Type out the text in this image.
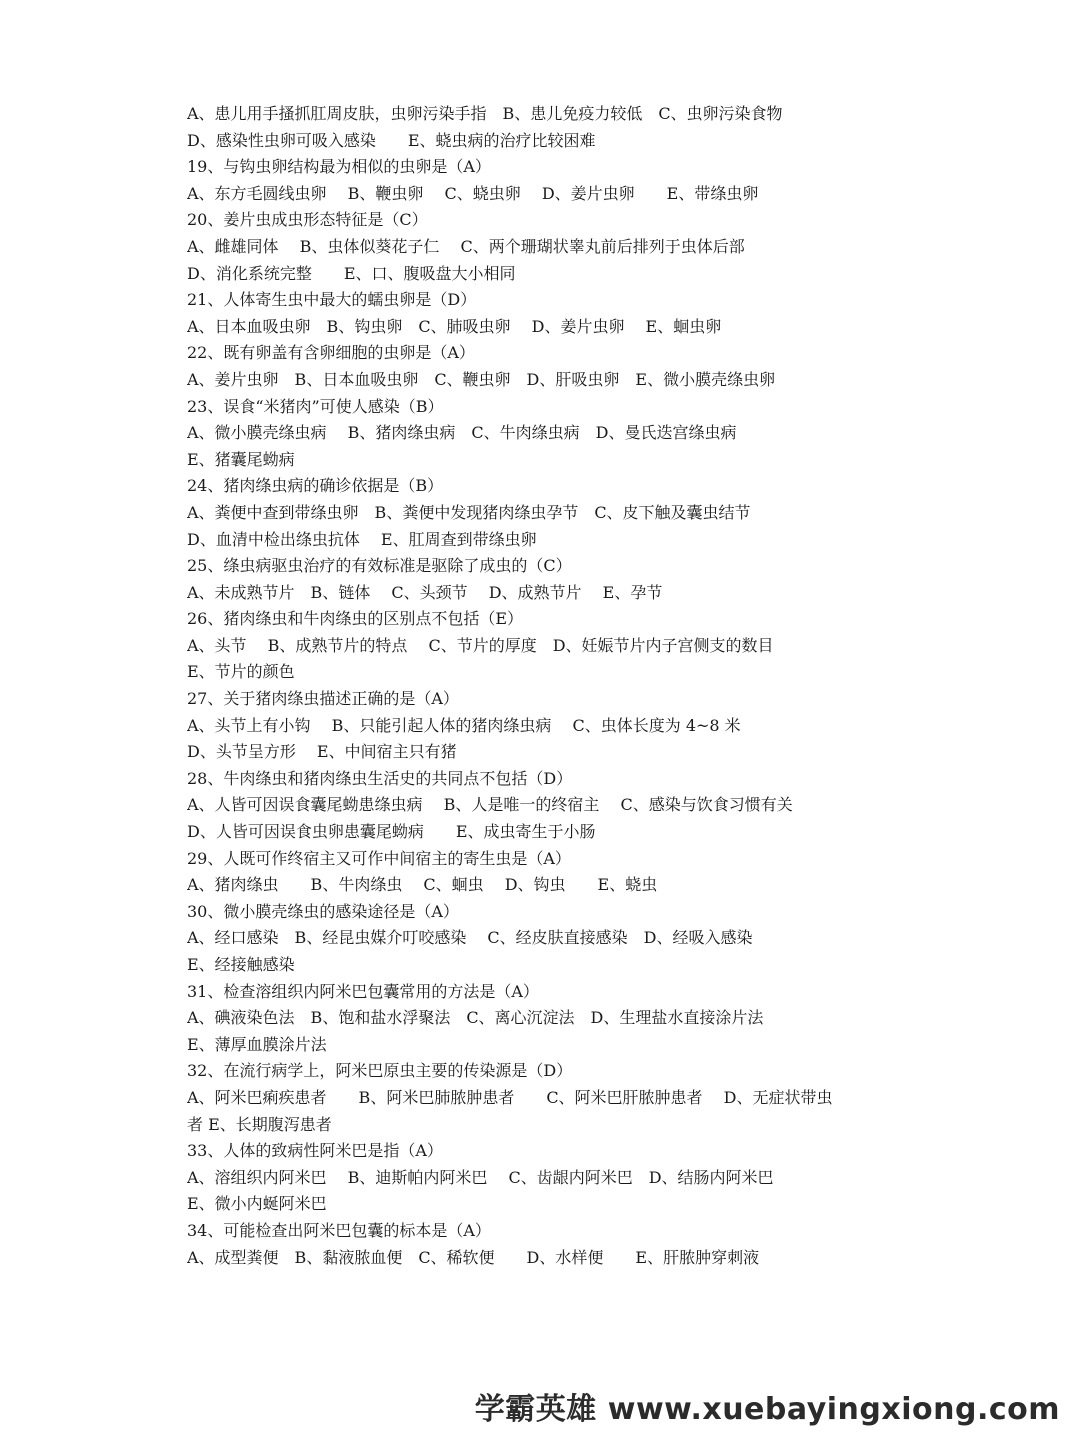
A、患儿用手搔抓肛周皮肤，虫卵污染手指　B、患儿免疫力较低　C、虫卵污染食物
D、感染性虫卵可吸入感染　　E、蛲虫病的治疗比较困难
19、与钩虫卵结构最为相似的虫卵是（A）
A、东方毛圆线虫卵　 B、鞭虫卵　 C、蛲虫卵　 D、姜片虫卵　　E、带绦虫卵
20、姜片虫成虫形态特征是（C）
A、雌雄同体　 B、虫体似葵花子仁　 C、两个珊瑚状睾丸前后排列于虫体后部
D、消化系统完整　　E、口、腹吸盘大小相同
21、人体寄生虫中最大的蠕虫卵是（D）
A、日本血吸虫卵　B、钩虫卵　C、肺吸虫卵　 D、姜片虫卵　 E、蛔虫卵
22、既有卵盖有含卵细胞的虫卵是（A）
A、姜片虫卵　B、日本血吸虫卵　C、鞭虫卵　D、肝吸虫卵　E、微小膜壳绦虫卵
23、误食“米猪肉”可使人感染（B）
A、微小膜壳绦虫病　 B、猪肉绦虫病　C、牛肉绦虫病　D、曼氏迭宫绦虫病
E、猪囊尾蚴病
24、猪肉绦虫病的确诊依据是（B）
A、粪便中查到带绦虫卵　B、粪便中发现猪肉绦虫孕节　C、皮下触及囊虫结节
D、血清中检出绦虫抗体　 E、肛周查到带绦虫卵
25、绦虫病驱虫治疗的有效标准是驱除了成虫的（C）
A、未成熟节片　B、链体　 C、头颈节　 D、成熟节片　 E、孕节
26、猪肉绦虫和牛肉绦虫的区别点不包括（E）
A、头节　 B、成熟节片的特点　 C、节片的厚度　D、妊娠节片内子宫侧支的数目
E、节片的颜色
27、关于猪肉绦虫描述正确的是（A）
A、头节上有小钩　 B、只能引起人体的猪肉绦虫病　 C、虫体长度为 4~8 米
D、头节呈方形　 E、中间宿主只有猪
28、牛肉绦虫和猪肉绦虫生活史的共同点不包括（D）
A、人皆可因误食囊尾蚴患绦虫病　 B、人是唯一的终宿主　 C、感染与饮食习惯有关
D、人皆可因误食虫卵患囊尾蚴病　　E、成虫寄生于小肠
29、人既可作终宿主又可作中间宿主的寄生虫是（A）
A、猪肉绦虫　　B、牛肉绦虫　 C、蛔虫　 D、钩虫　　E、蛲虫
30、微小膜壳绦虫的感染途径是（A）
A、经口感染　B、经昆虫媒介叮咬感染　 C、经皮肤直接感染　D、经吸入感染
E、经接触感染
31、检查溶组织内阿米巴包囊常用的方法是（A）
A、碘液染色法　B、饱和盐水浮聚法　C、离心沉淀法　D、生理盐水直接涂片法
E、薄厚血膜涂片法
32、在流行病学上，阿米巴原虫主要的传染源是（D）
A、阿米巴痢疾患者　　B、阿米巴肺脓肿患者　　C、阿米巴肝脓肿患者　 D、无症状带虫
者 E、长期腹泻患者
33、人体的致病性阿米巴是指（A）
A、溶组织内阿米巴　 B、迪斯帕内阿米巴　 C、齿龈内阿米巴　D、结肠内阿米巴
E、微小内蜒阿米巴
34、可能检查出阿米巴包囊的标本是（A）
A、成型粪便　B、黏液脓血便　C、稀软便　　D、水样便　　E、肝脓肿穿刺液
学霸英雄 www.xuebayingxiong.com
